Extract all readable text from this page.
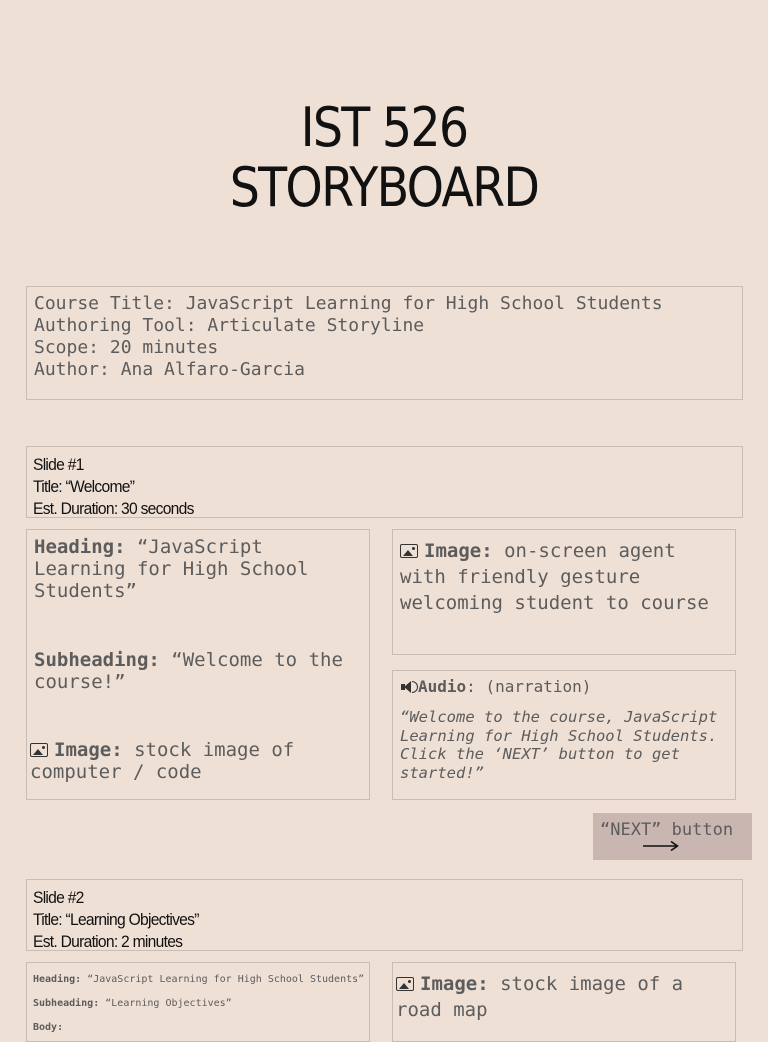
IST 526
STORYBOARD
Course Title: JavaScript Learning for High School Students
Authoring Tool: Articulate Storyline
Scope: 20 minutes
Author: Ana Alfaro-Garcia
Slide #1
Title: “Welcome”
Est. Duration: 30 seconds
Heading: “JavaScript Learning for High School Students”
Subheading: “Welcome to the course!”
Image: stock image of computer / code
Image: on-screen agent with friendly gesture welcoming student to course
Audio: (narration)
“Welcome to the course, JavaScript Learning for High School Students. Click the ‘NEXT’ button to get started!”
“NEXT” button
Slide #2
Title: “Learning Objectives”
Est. Duration: 2 minutes
Heading: “JavaScript Learning for High School Students”
Subheading: “Learning Objectives”
Body:
Image: stock image of a road map
